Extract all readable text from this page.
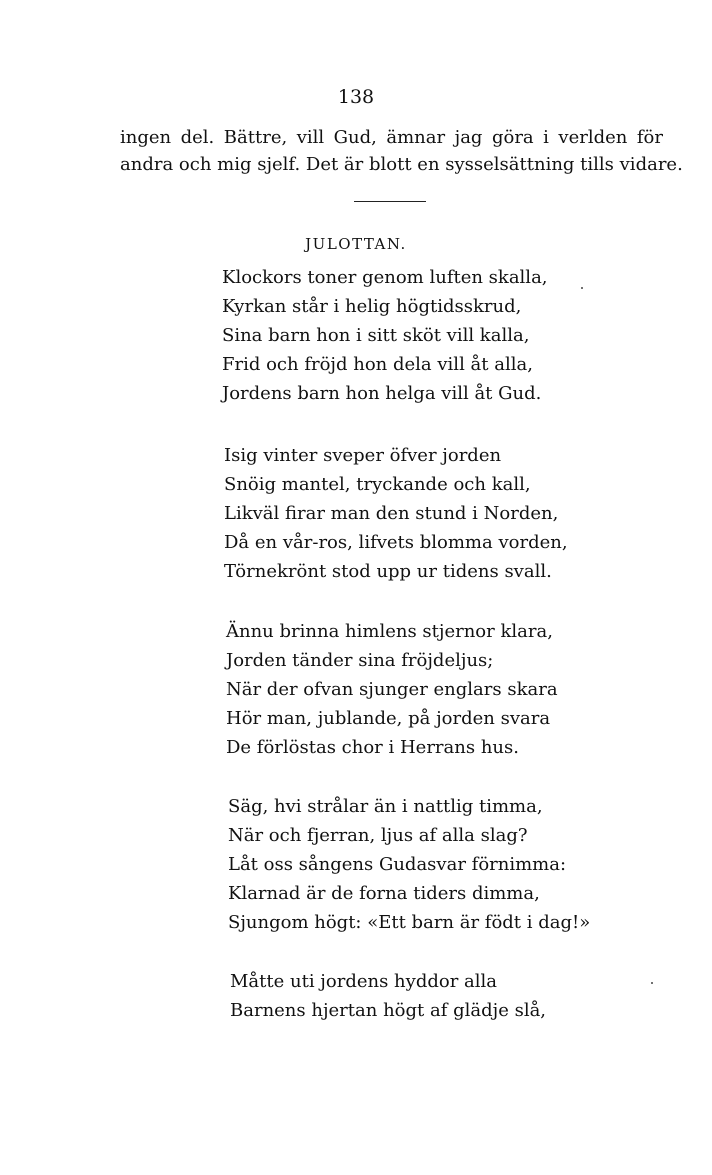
138
ingen del. Bättre, vill Gud, ämnar jag göra i verlden för
andra och mig sjelf. Det är blott en sysselsättning tills vidare.
JULOTTAN.
Klockors toner genom luften skalla,
Kyrkan står i helig högtidsskrud,
Sina barn hon i sitt sköt vill kalla,
Frid och fröjd hon dela vill åt alla,
Jordens barn hon helga vill åt Gud.
Isig vinter sveper öfver jorden
Snöig mantel, tryckande och kall,
Likväl firar man den stund i Norden,
Då en vår-ros, lifvets blomma vorden,
Törnekrönt stod upp ur tidens svall.
Ännu brinna himlens stjernor klara,
Jorden tänder sina fröjdeljus;
När der ofvan sjunger englars skara
Hör man, jublande, på jorden svara
De förlöstas chor i Herrans hus.
Säg, hvi strålar än i nattlig timma,
När och fjerran, ljus af alla slag?
Låt oss sångens Gudasvar förnimma:
Klarnad är de forna tiders dimma,
Sjungom högt: «Ett barn är födt i dag!»
Måtte uti jordens hyddor alla
Barnens hjertan högt af glädje slå,
